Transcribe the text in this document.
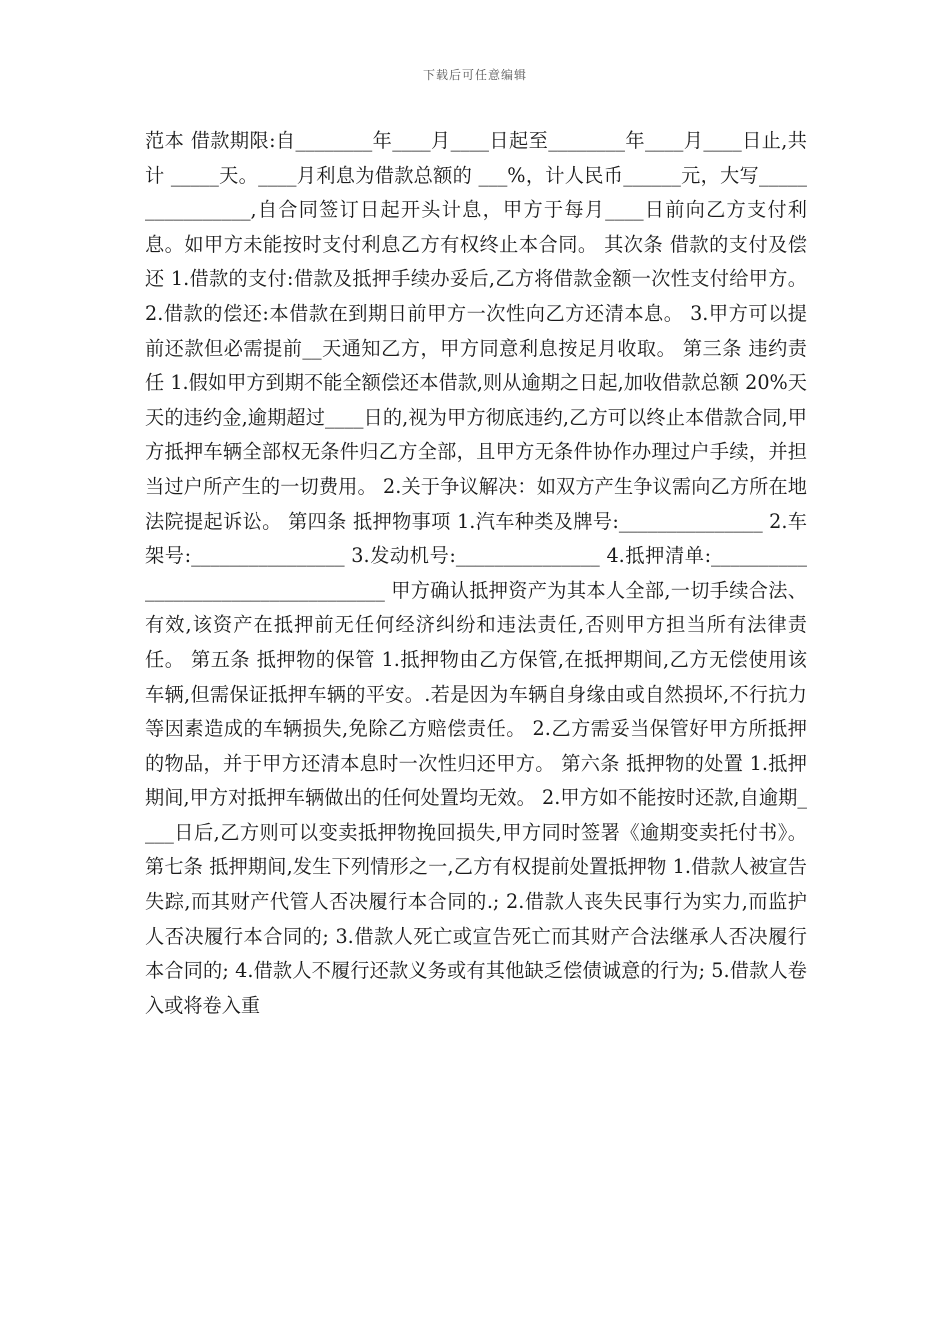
下载后可任意编辑

范本 借款期限:自________年____月____日起至________年____月____日止,共计 _____天。____月利息为借款总额的 ___%，计人民币______元，大写________________,自合同签订日起开头计息，甲方于每月____日前向乙方支付利息。如甲方未能按时支付利息乙方有权终止本合同。 其次条 借款的支付及偿还 1.借款的支付:借款及抵押手续办妥后,乙方将借款金额一次性支付给甲方。 2.借款的偿还:本借款在到期日前甲方一次性向乙方还清本息。 3.甲方可以提前还款但必需提前__天通知乙方，甲方同意利息按足月收取。 第三条 违约责任 1.假如甲方到期不能全额偿还本借款,则从逾期之日起,加收借款总额 20%天天的违约金,逾期超过____日的,视为甲方彻底违约,乙方可以终止本借款合同,甲方抵押车辆全部权无条件归乙方全部，且甲方无条件协作办理过户手续，并担当过户所产生的一切费用。 2.关于争议解决：如双方产生争议需向乙方所在地法院提起诉讼。 第四条 抵押物事项 1.汽车种类及牌号:_______________ 2.车架号:________________ 3.发动机号:_______________ 4.抵押清单:___________________________________ 甲方确认抵押资产为其本人全部,一切手续合法、有效,该资产在抵押前无任何经济纠纷和违法责任,否则甲方担当所有法律责任。 第五条 抵押物的保管 1.抵押物由乙方保管,在抵押期间,乙方无偿使用该车辆,但需保证抵押车辆的平安。.若是因为车辆自身缘由或自然损坏,不行抗力等因素造成的车辆损失,免除乙方赔偿责任。 2.乙方需妥当保管好甲方所抵押的物品，并于甲方还清本息时一次性归还甲方。 第六条 抵押物的处置 1.抵押期间,甲方对抵押车辆做出的任何处置均无效。 2.甲方如不能按时还款,自逾期____日后,乙方则可以变卖抵押物挽回损失,甲方同时签署《逾期变卖托付书》。 第七条 抵押期间,发生下列情形之一,乙方有权提前处置抵押物 1.借款人被宣告失踪,而其财产代管人否决履行本合同的.; 2.借款人丧失民事行为实力,而监护人否决履行本合同的; 3.借款人死亡或宣告死亡而其财产合法继承人否决履行本合同的; 4.借款人不履行还款义务或有其他缺乏偿债诚意的行为; 5.借款人卷入或将卷入重
